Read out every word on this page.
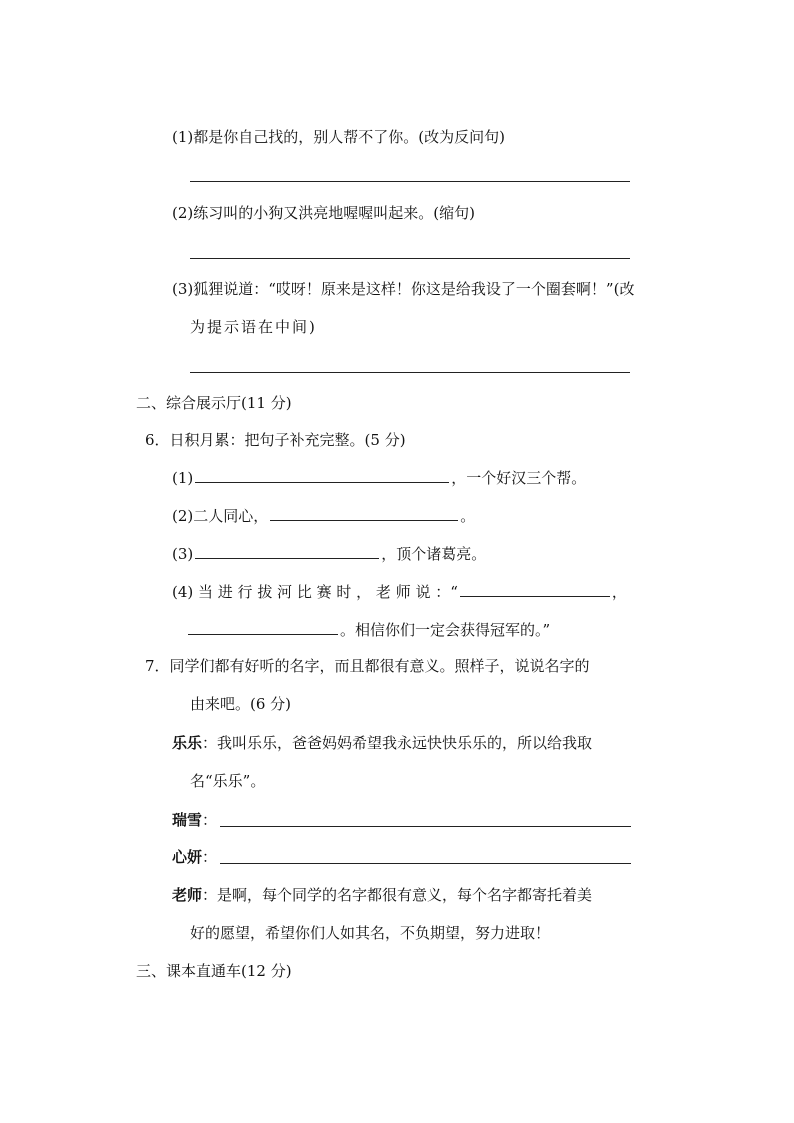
(1)都是你自己找的，别人帮不了你。(改为反问句)
(2)练习叫的小狗又洪亮地喔喔叫起来。(缩句)
(3)狐狸说道：“哎呀！原来是这样！你这是给我设了一个圈套啊！”(改
为提示语在中间)
二、综合展示厅(11 分)
6．日积月累：把句子补充完整。(5 分)
(1)	，一个好汉三个帮。
(2)二人同心，	。
(3)	，顶个诸葛亮。
(4) 当 进 行 拔 河 比 赛 时 ， 老 师 说 ：“	，
。相信你们一定会获得冠军的。”
7．同学们都有好听的名字，而且都很有意义。照样子，说说名字的
由来吧。(6 分)
乐乐：我叫乐乐，爸爸妈妈希望我永远快快乐乐的，所以给我取
名“乐乐”。
瑞雪：
心妍：
老师：是啊，每个同学的名字都很有意义，每个名字都寄托着美
好的愿望，希望你们人如其名，不负期望，努力进取！
三、课本直通车(12 分)
